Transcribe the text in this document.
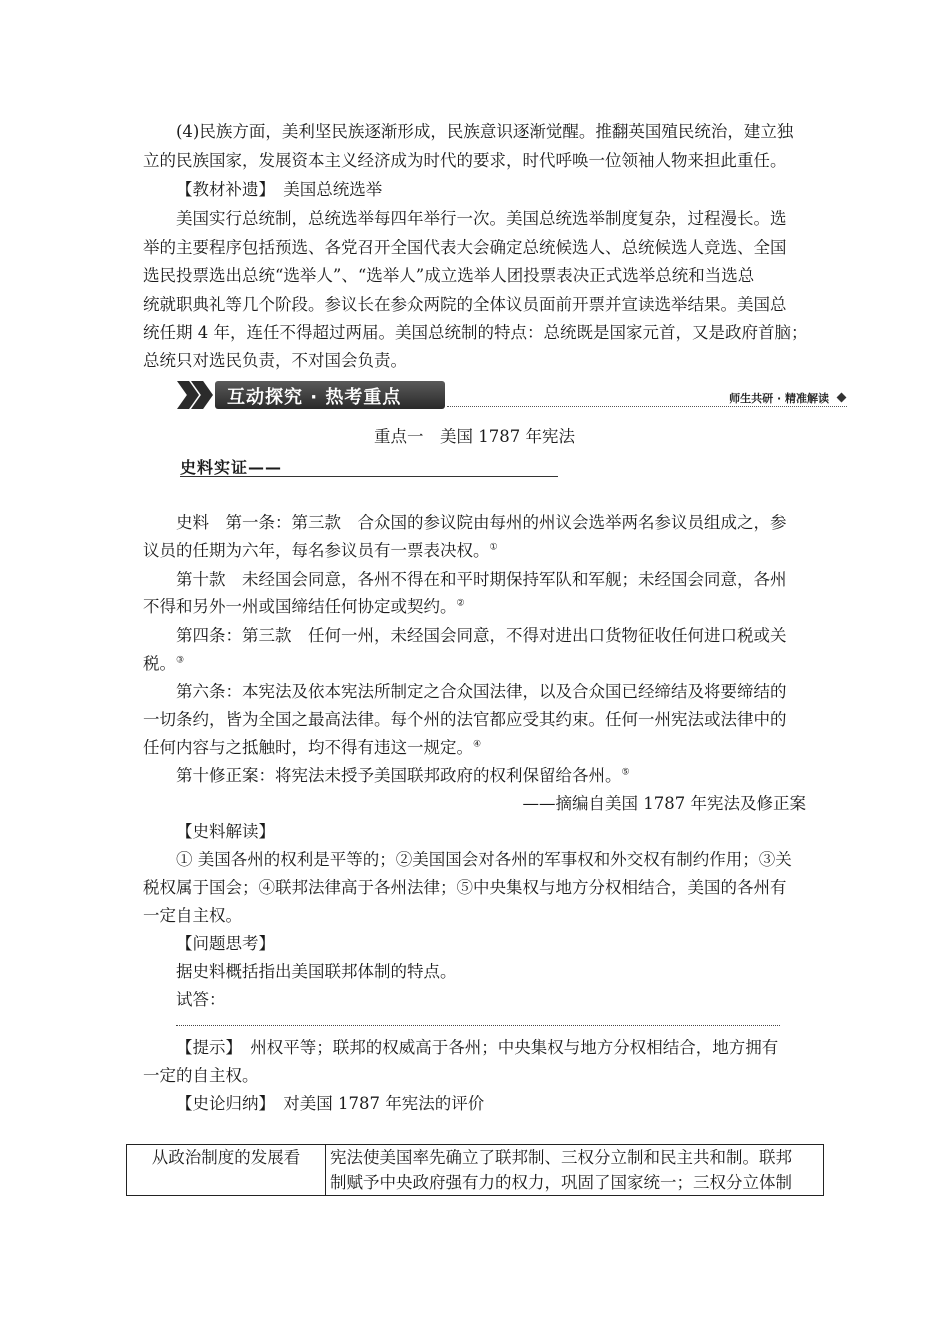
(4)民族方面，美利坚民族逐渐形成，民族意识逐渐觉醒。推翻英国殖民统治，建立独
立的民族国家，发展资本主义经济成为时代的要求，时代呼唤一位领袖人物来担此重任。
【教材补遗】　 美国总统选举
美国实行总统制，总统选举每四年举行一次。美国总统选举制度复杂，过程漫长。选
举的主要程序包括预选、各党召开全国代表大会确定总统候选人、总统候选人竞选、全国
选民投票选出总统“选举人”、“选举人”成立选举人团投票表决正式选举总统和当选总
统就职典礼等几个阶段。参议长在参众两院的全体议员面前开票并宣读选举结果。美国总
统任期 4 年，连任不得超过两届。美国总统制的特点：总统既是国家元首，又是政府首脑；
总统只对选民负责，不对国会负责。
互动探究 · 热考重点	师生共研 · 精准解读
重点一　美国 1787 年宪法
史料实证——
史料　第一条：第三款　合众国的参议院由每州的州议会选举两名参议员组成之，参
议员的任期为六年，每名参议员有一票表决权。①
第十款　未经国会同意，各州不得在和平时期保持军队和军舰；未经国会同意，各州
不得和另外一州或国缔结任何协定或契约。②
第四条：第三款　任何一州，未经国会同意，不得对进出口货物征收任何进口税或关
税。③
第六条：本宪法及依本宪法所制定之合众国法律，以及合众国已经缔结及将要缔结的
一切条约，皆为全国之最高法律。每个州的法官都应受其约束。任何一州宪法或法律中的
任何内容与之抵触时，均不得有违这一规定。④
第十修正案：将宪法未授予美国联邦政府的权利保留给各州。⑤
——摘编自美国 1787 年宪法及修正案
【史料解读】
① 美国各州的权利是平等的；②美国国会对各州的军事权和外交权有制约作用；③关
税权属于国会；④联邦法律高于各州法律；⑤中央集权与地方分权相结合，美国的各州有
一定自主权。
【问题思考】
据史料概括指出美国联邦体制的特点。
试答：
【提示】　州权平等；联邦的权威高于各州；中央集权与地方分权相结合，地方拥有
一定的自主权。
【史论归纳】　 对美国 1787 年宪法的评价
从政治制度的发展看	宪法使美国率先确立了联邦制、三权分立制和民主共和制。联邦
制赋予中央政府强有力的权力，巩固了国家统一；三权分立体制
